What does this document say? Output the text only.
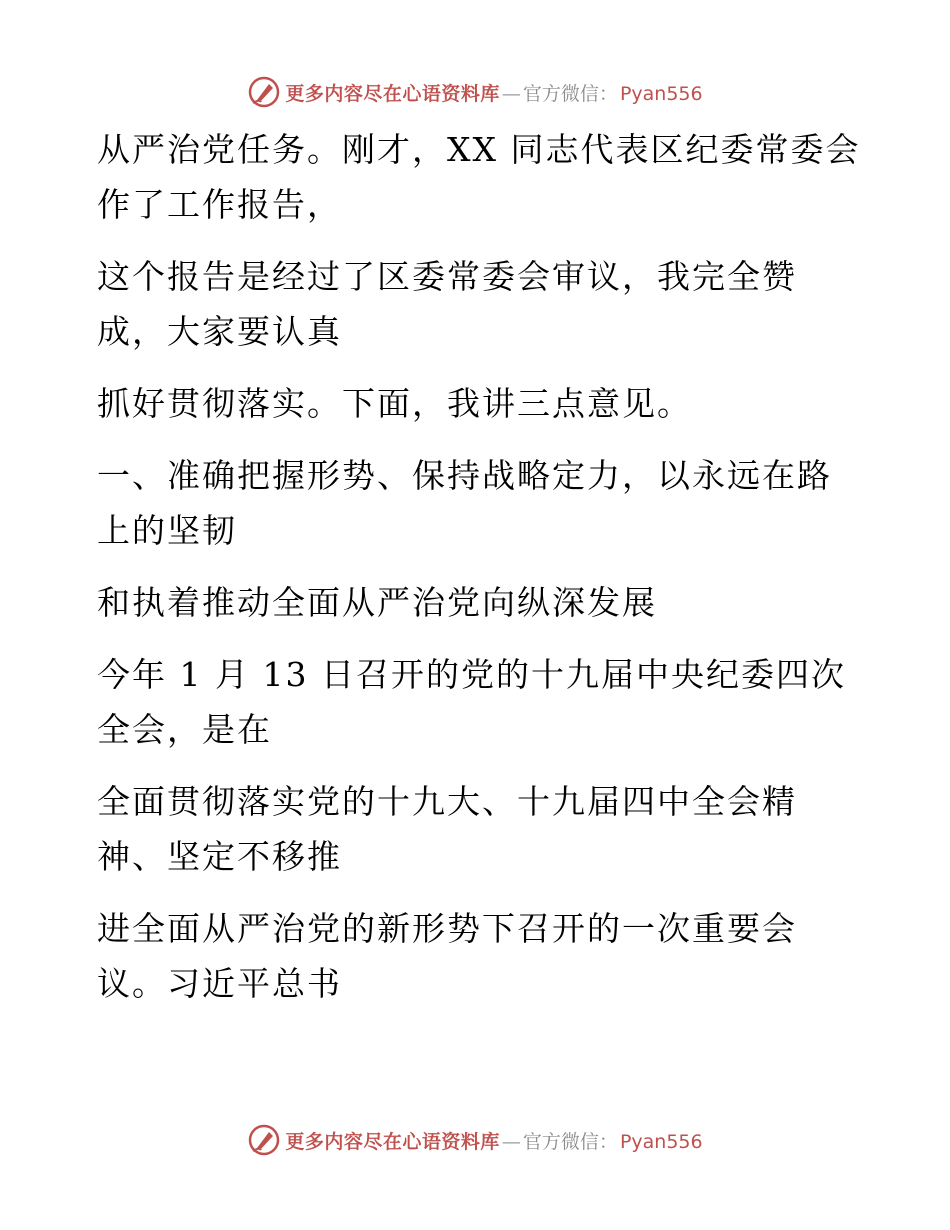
更多内容尽在心语资料库 — 官方微信： Pyan556

从严治党任务。刚才，XX 同志代表区纪委常委会

作了工作报告，

这个报告是经过了区委常委会审议，我完全赞

成，大家要认真

抓好贯彻落实。下面，我讲三点意见。

一、准确把握形势、保持战略定力，以永远在路

上的坚韧

和执着推动全面从严治党向纵深发展

今年 1 月 13 日召开的党的十九届中央纪委四次

全会，是在

全面贯彻落实党的十九大、十九届四中全会精

神、坚定不移推

进全面从严治党的新形势下召开的一次重要会

议。习近平总书

更多内容尽在心语资料库 — 官方微信： Pyan556
